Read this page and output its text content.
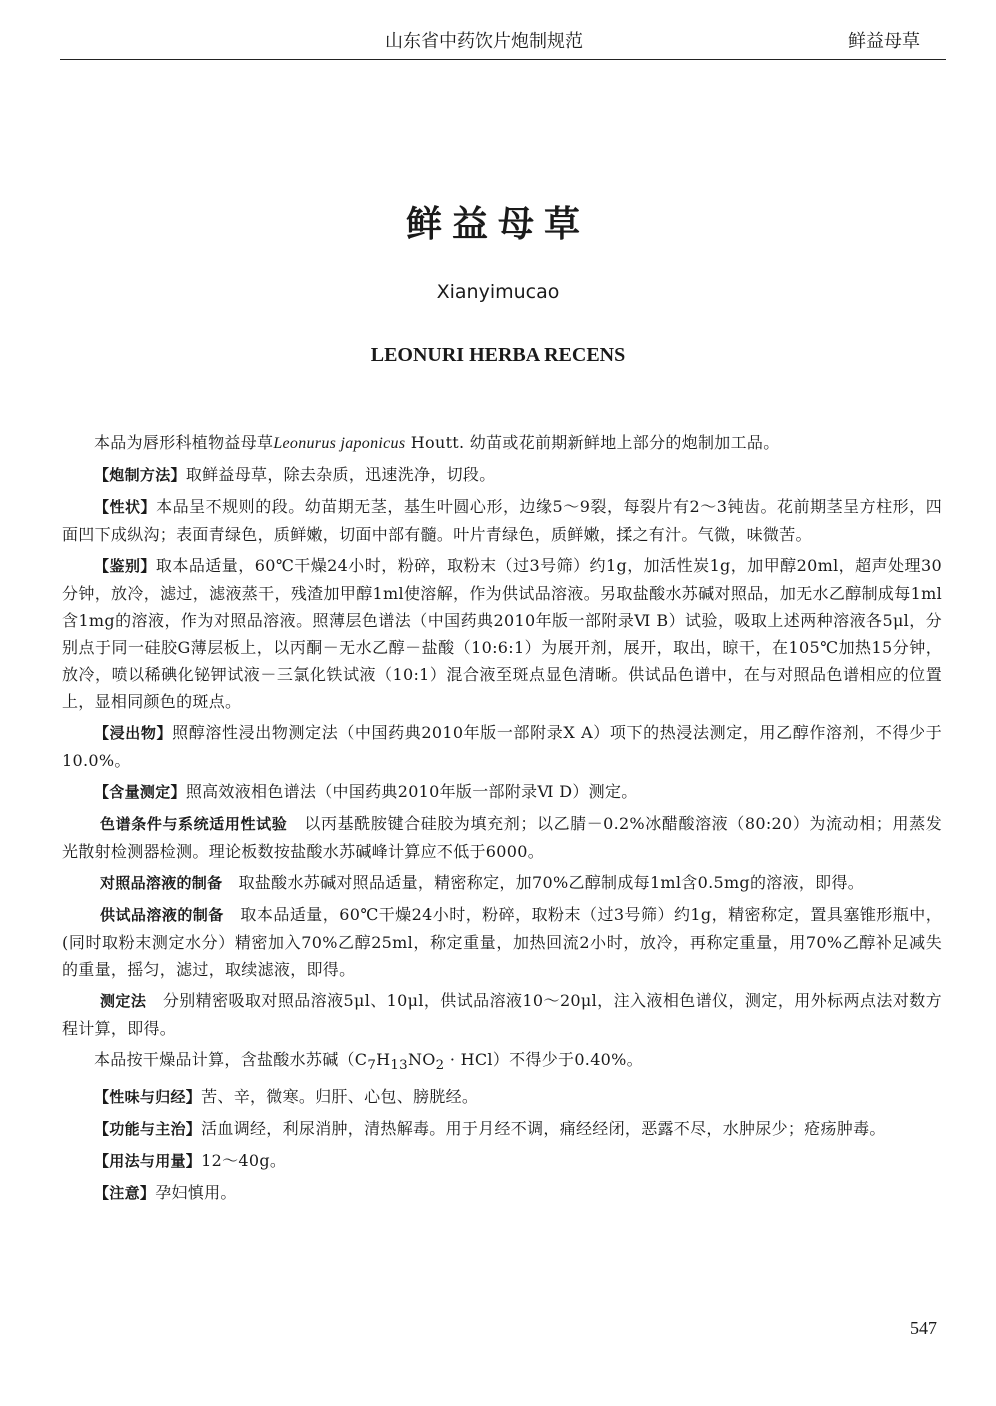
山东省中药饮片炮制规范	鲜益母草
鲜益母草
Xianyimucao
LEONURI HERBA RECENS

本品为唇形科植物益母草Leonurus japonicus Houtt. 幼苗或花前期新鲜地上部分的炮制加工品。

【炮制方法】取鲜益母草，除去杂质，迅速洗净，切段。

【性状】本品呈不规则的段。幼苗期无茎，基生叶圆心形，边缘5～9裂，每裂片有2～3钝齿。花前期茎呈方柱形，四面凹下成纵沟；表面青绿色，质鲜嫩，切面中部有髓。叶片青绿色，质鲜嫩，揉之有汁。气微，味微苦。

【鉴别】取本品适量，60℃干燥24小时，粉碎，取粉末（过3号筛）约1g，加活性炭1g，加甲醇20ml，超声处理30分钟，放冷，滤过，滤液蒸干，残渣加甲醇1ml使溶解，作为供试品溶液。另取盐酸水苏碱对照品，加无水乙醇制成每1ml含1mg的溶液，作为对照品溶液。照薄层色谱法（中国药典2010年版一部附录Ⅵ B）试验，吸取上述两种溶液各5μl，分别点于同一硅胶G薄层板上，以丙酮－无水乙醇－盐酸（10:6:1）为展开剂，展开，取出，晾干，在105℃加热15分钟，放冷，喷以稀碘化铋钾试液－三氯化铁试液（10:1）混合液至斑点显色清晰。供试品色谱中，在与对照品色谱相应的位置上，显相同颜色的斑点。

【浸出物】照醇溶性浸出物测定法（中国药典2010年版一部附录Ⅹ A）项下的热浸法测定，用乙醇作溶剂，不得少于10.0%。

【含量测定】照高效液相色谱法（中国药典2010年版一部附录Ⅵ D）测定。

色谱条件与系统适用性试验 以丙基酰胺键合硅胶为填充剂；以乙腈－0.2%冰醋酸溶液（80:20）为流动相；用蒸发光散射检测器检测。理论板数按盐酸水苏碱峰计算应不低于6000。

对照品溶液的制备 取盐酸水苏碱对照品适量，精密称定，加70%乙醇制成每1ml含0.5mg的溶液，即得。

供试品溶液的制备 取本品适量，60℃干燥24小时，粉碎，取粉末（过3号筛）约1g，精密称定，置具塞锥形瓶中，(同时取粉末测定水分）精密加入70%乙醇25ml，称定重量，加热回流2小时，放冷，再称定重量，用70%乙醇补足减失的重量，摇匀，滤过，取续滤液，即得。

测定法 分别精密吸取对照品溶液5μl、10μl，供试品溶液10～20μl，注入液相色谱仪，测定，用外标两点法对数方程计算，即得。

本品按干燥品计算，含盐酸水苏碱$(C_7H_{13}NO_2 \cdot HCl)$不得少于0.40%。

【性味与归经】苦、辛，微寒。归肝、心包、膀胱经。

【功能与主治】活血调经，利尿消肿，清热解毒。用于月经不调，痛经经闭，恶露不尽，水肿尿少；疮疡肿毒。

【用法与用量】12～40g。

【注意】孕妇慎用。

547
